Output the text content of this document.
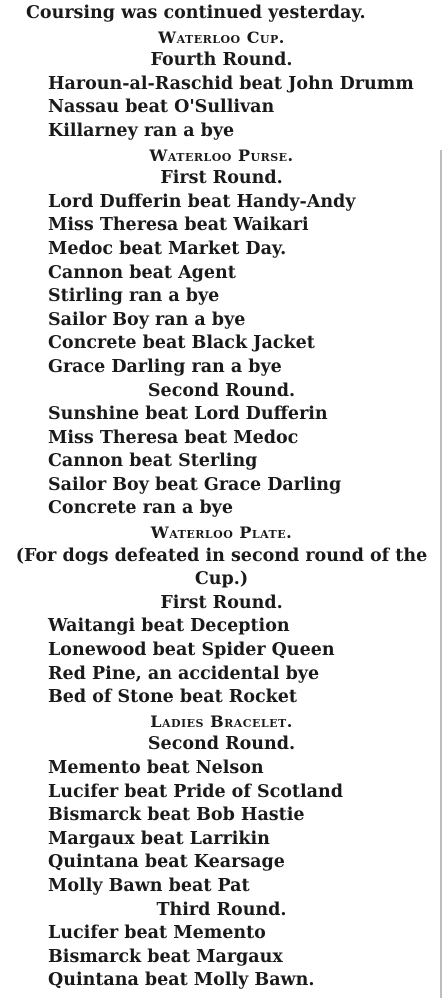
Coursing was continued yesterday.
Waterloo Cup.
Fourth Round.
Haroun-al-Raschid beat John Drumm
Nassau beat O'Sullivan
Killarney ran a bye
Waterloo Purse.
First Round.
Lord Dufferin beat Handy-Andy
Miss Theresa beat Waikari
Medoc beat Market Day.
Cannon beat Agent
Stirling ran a bye
Sailor Boy ran a bye
Concrete beat Black Jacket
Grace Darling ran a bye
Second Round.
Sunshine beat Lord Dufferin
Miss Theresa beat Medoc
Cannon beat Sterling
Sailor Boy beat Grace Darling
Concrete ran a bye
Waterloo Plate.
(For dogs defeated in second round of the
Cup.)
First Round.
Waitangi beat Deception
Lonewood beat Spider Queen
Red Pine, an accidental bye
Bed of Stone beat Rocket
Ladies Bracelet.
Second Round.
Memento beat Nelson
Lucifer beat Pride of Scotland
Bismarck beat Bob Hastie
Margaux beat Larrikin
Quintana beat Kearsage
Molly Bawn beat Pat
Third Round.
Lucifer beat Memento
Bismarck beat Margaux
Quintana beat Molly Bawn.
